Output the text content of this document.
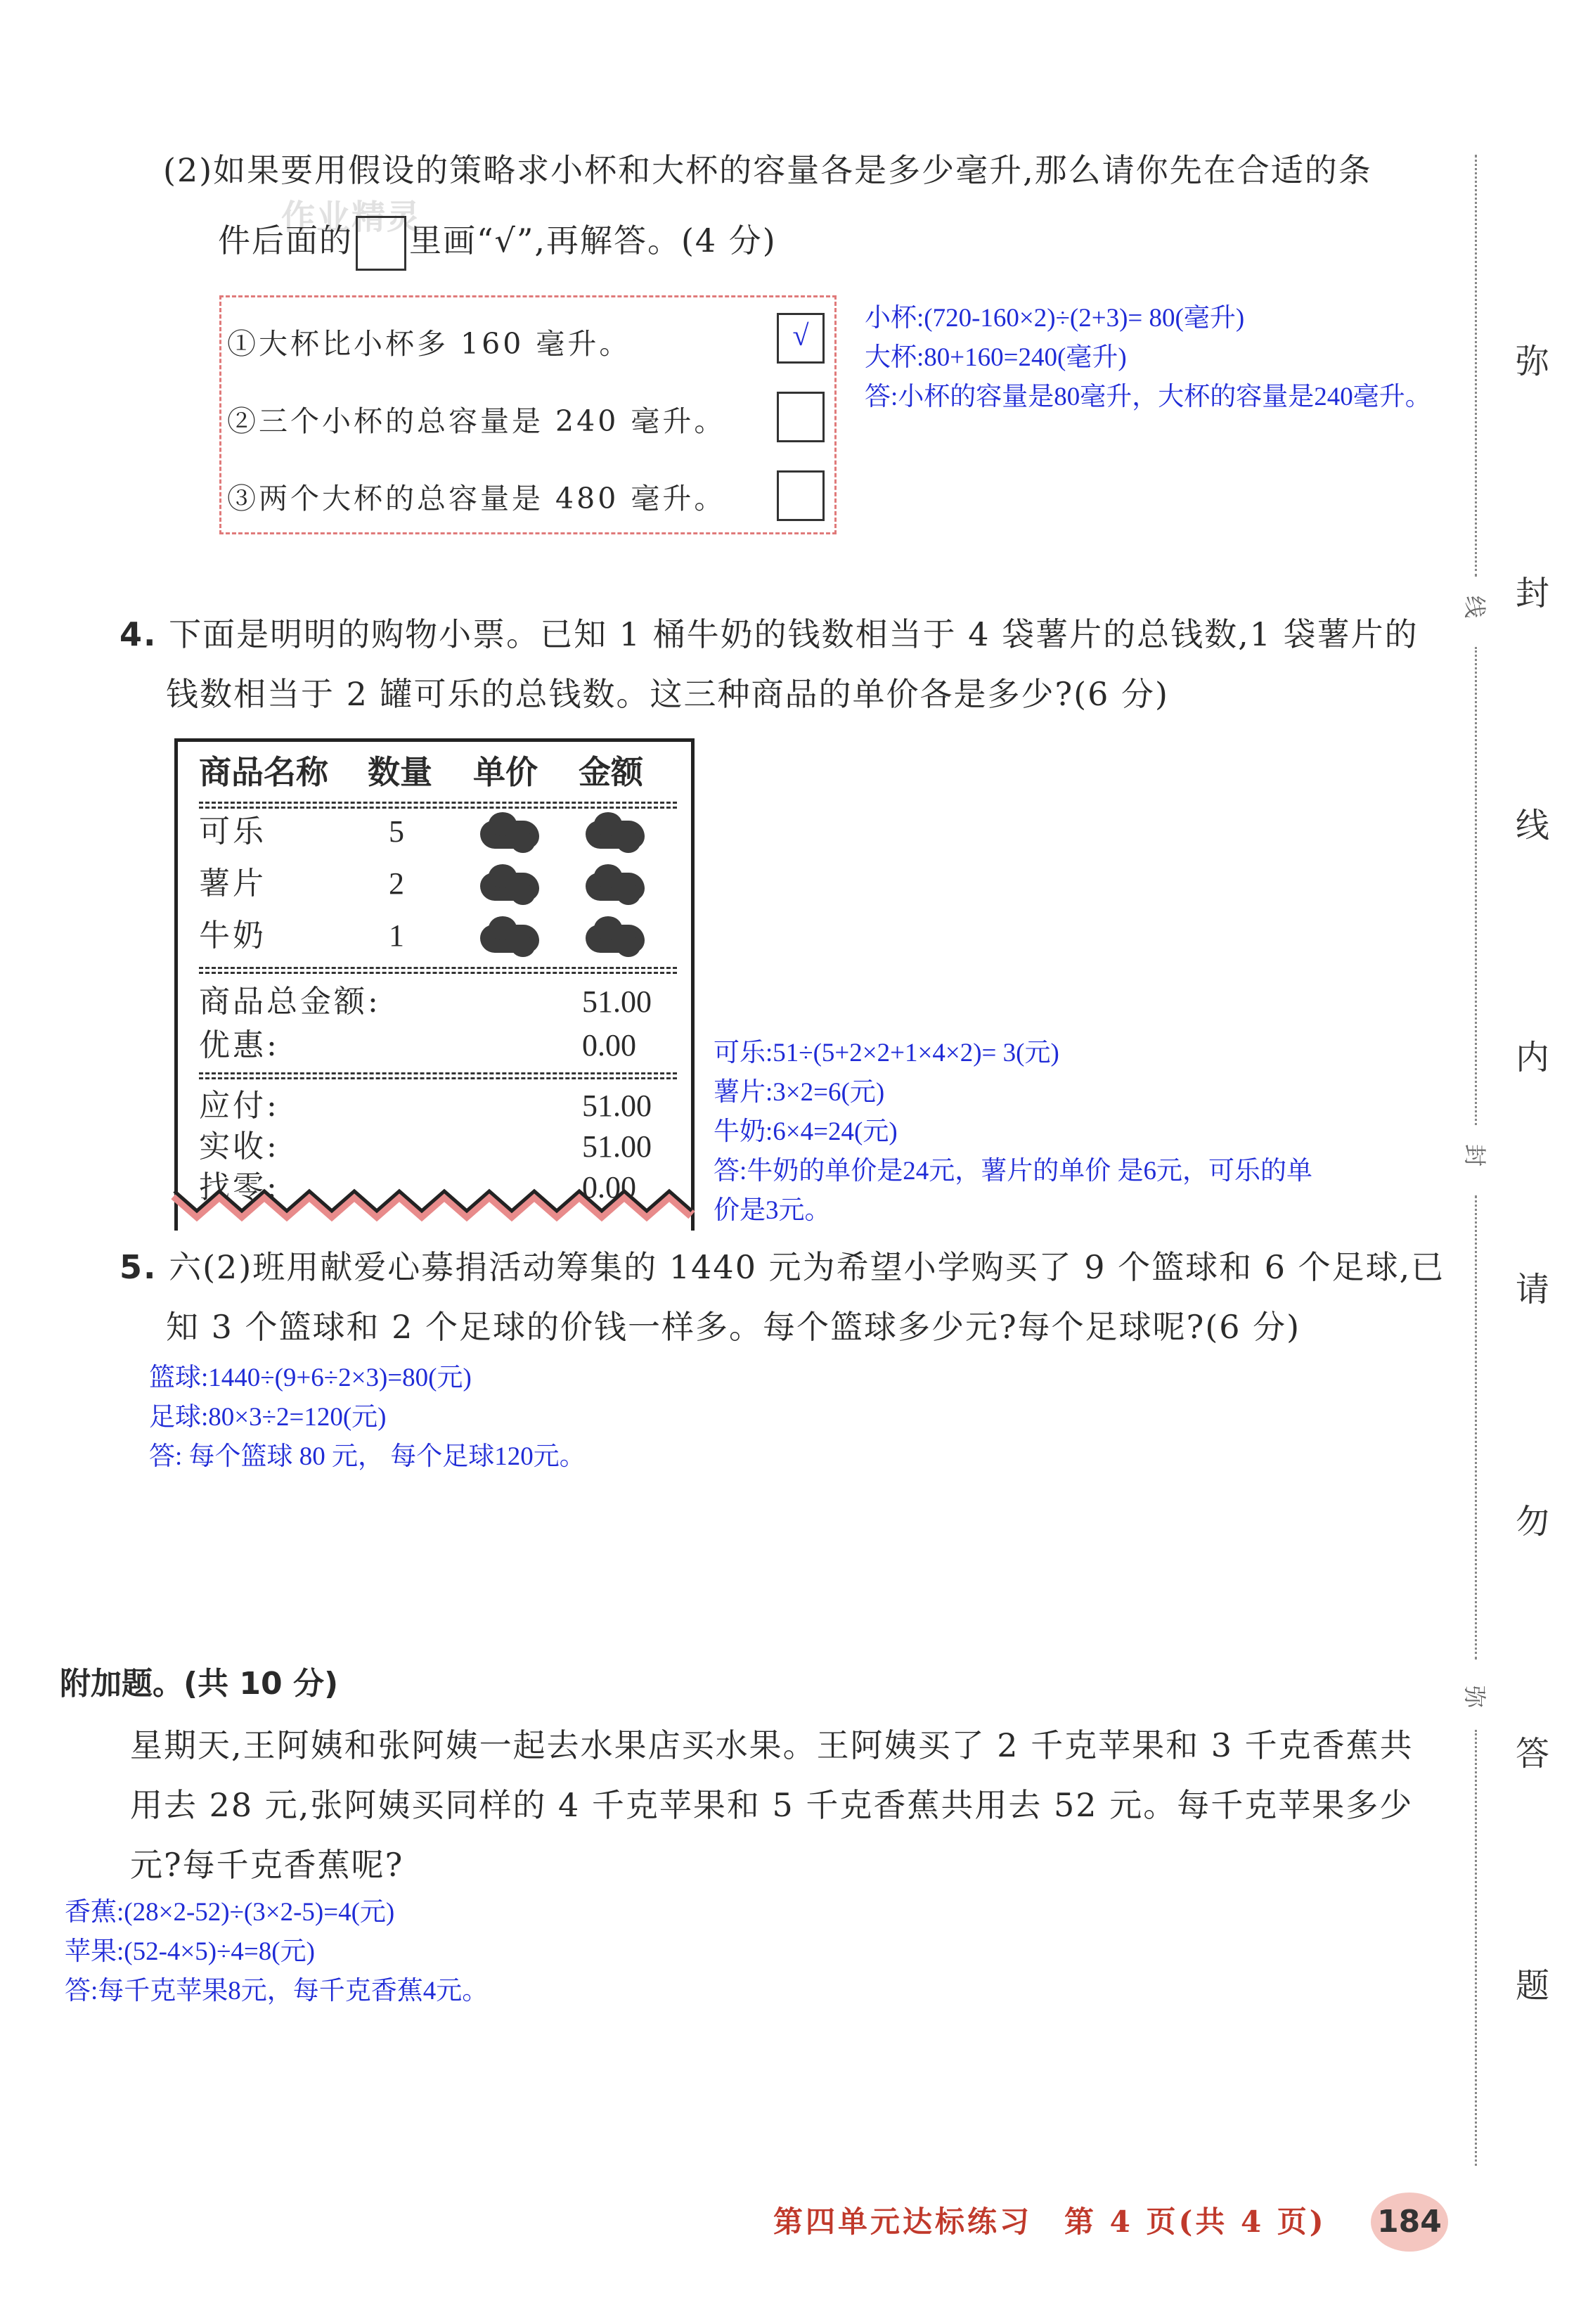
作业精灵
(2)如果要用假设的策略求小杯和大杯的容量各是多少毫升,那么请你先在合适的条
件后面的 里画“√”,再解答。(4 分)
①大杯比小杯多 160 毫升。	√
②三个小杯的总容量是 240 毫升。
③两个大杯的总容量是 480 毫升。
小杯:(720-160×2)÷(2+3)= 80(毫升)
大杯:80+160=240(毫升)
答:小杯的容量是80毫升，大杯的容量是240毫升。
4. 下面是明明的购物小票。已知 1 桶牛奶的钱数相当于 4 袋薯片的总钱数,1 袋薯片的
钱数相当于 2 罐可乐的总钱数。这三种商品的单价各是多少?(6 分)
商品名称 数量 单价 金额
可乐	5
薯片	2
牛奶	1
商品总金额:	51.00
优惠:	0.00
应付:	51.00
实收:	51.00
找零:	0.00
可乐:51÷(5+2×2+1×4×2)= 3(元)
薯片:3×2=6(元)
牛奶:6×4=24(元)
答:牛奶的单价是24元，薯片的单价 是6元，可乐的单
价是3元。
5. 六(2)班用献爱心募捐活动筹集的 1440 元为希望小学购买了 9 个篮球和 6 个足球,已
知 3 个篮球和 2 个足球的价钱一样多。每个篮球多少元?每个足球呢?(6 分)
篮球:1440÷(9+6÷2×3)=80(元)
足球:80×3÷2=120(元)
答: 每个篮球 80 元， 每个足球120元。
附加题。(共 10 分)
星期天,王阿姨和张阿姨一起去水果店买水果。王阿姨买了 2 千克苹果和 3 千克香蕉共
用去 28 元,张阿姨买同样的 4 千克苹果和 5 千克香蕉共用去 52 元。每千克苹果多少
元?每千克香蕉呢?
香蕉:(28×2-52)÷(3×2-5)=4(元)
苹果:(52-4×5)÷4=8(元)
答:每千克苹果8元，每千克香蕉4元。
线
封
弥
弥
封
线
内
请
勿
答
题
第四单元达标练习　第 4 页(共 4 页) 184
